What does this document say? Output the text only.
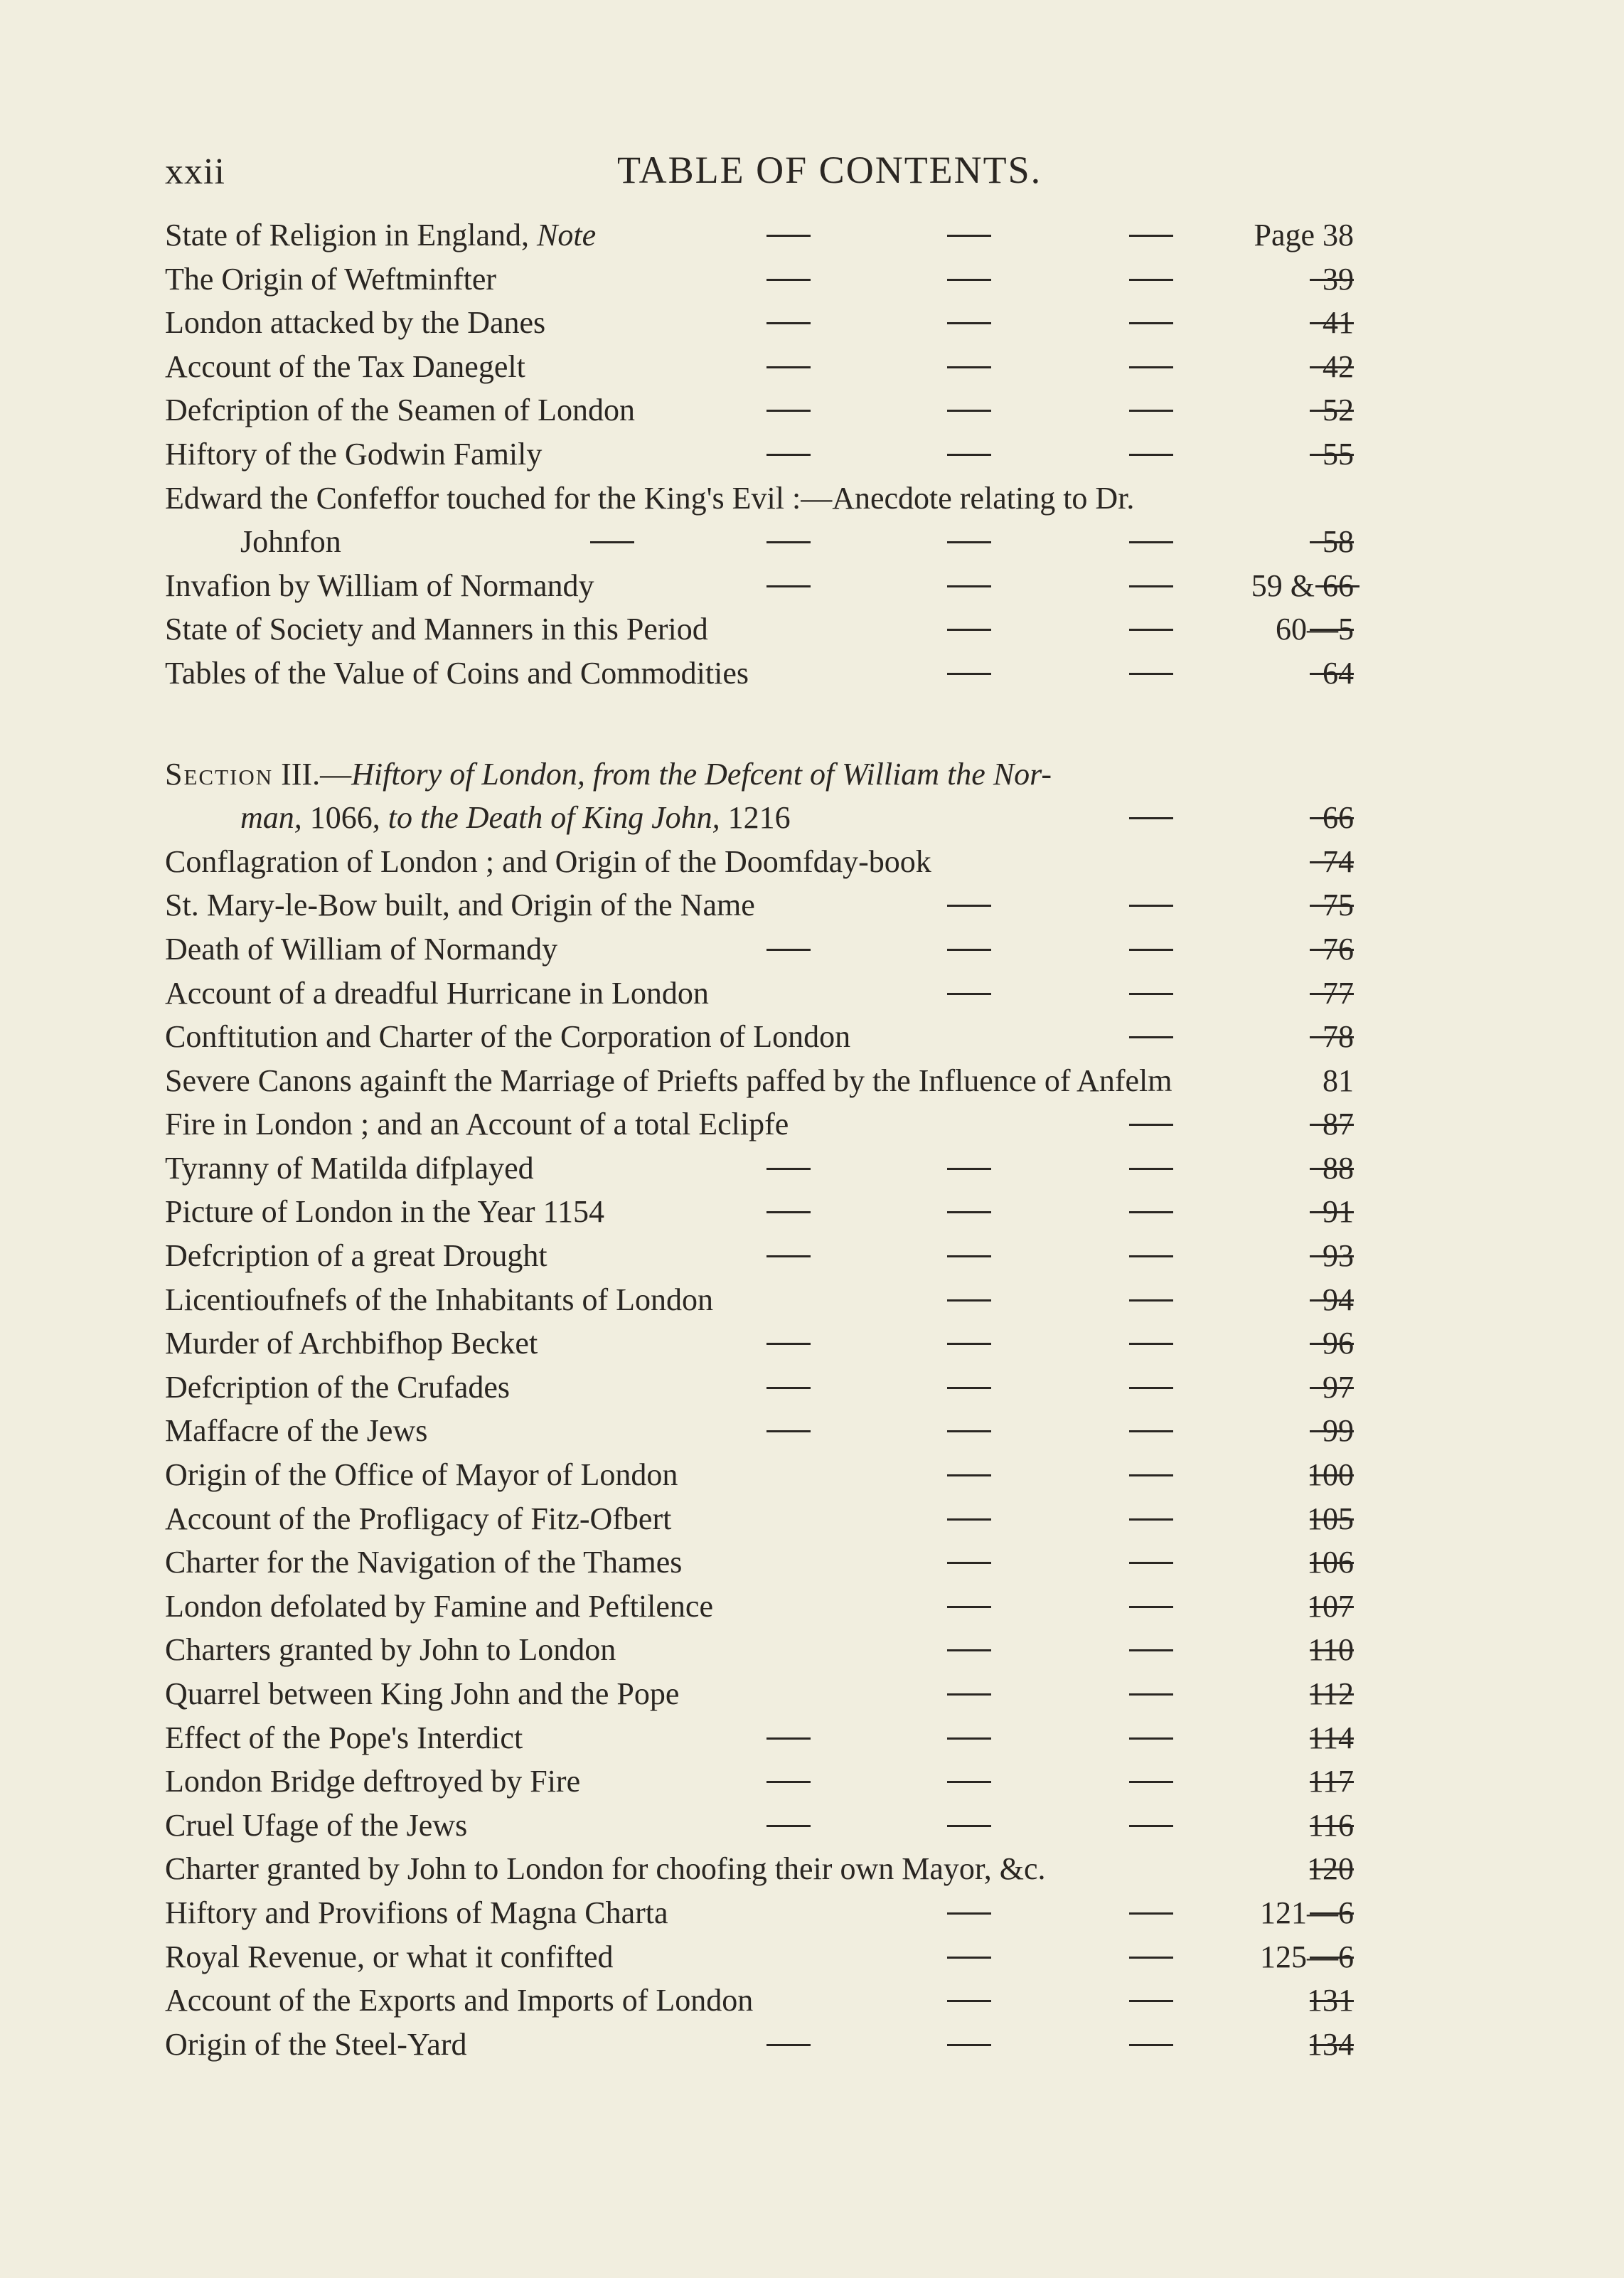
xxii	TABLE OF CONTENTS.
State of Religion in England, Note	Page 38
The Origin of Weftminfter	39
London attacked by the Danes	41
Account of the Tax Danegelt	42
Defcription of the Seamen of London	52
Hiftory of the Godwin Family	55
Edward the Confeffor touched for the King's Evil :—Anecdote relating to Dr.
Johnfon	58
Invafion by William of Normandy	59 & 66
State of Society and Manners in this Period	60—5
Tables of the Value of Coins and Commodities	64
Section III.—Hiftory of London, from the Defcent of William the Nor-
man, 1066, to the Death of King John, 1216	66
Conflagration of London ; and Origin of the Doomfday-book	74
St. Mary-le-Bow built, and Origin of the Name	75
Death of William of Normandy	76
Account of a dreadful Hurricane in London	77
Conftitution and Charter of the Corporation of London	78
Severe Canons againft the Marriage of Priefts paffed by the Influence of Anfelm	81
Fire in London ; and an Account of a total Eclipfe	87
Tyranny of Matilda difplayed	88
Picture of London in the Year 1154	91
Defcription of a great Drought	93
Licentioufnefs of the Inhabitants of London	94
Murder of Archbifhop Becket	96
Defcription of the Crufades	97
Maffacre of the Jews	99
Origin of the Office of Mayor of London	100
Account of the Profligacy of Fitz-Ofbert	105
Charter for the Navigation of the Thames	106
London defolated by Famine and Peftilence	107
Charters granted by John to London	110
Quarrel between King John and the Pope	112
Effect of the Pope's Interdict	114
London Bridge deftroyed by Fire	117
Cruel Ufage of the Jews	116
Charter granted by John to London for choofing their own Mayor, &c.	120
Hiftory and Provifions of Magna Charta	121—6
Royal Revenue, or what it confifted	125—6
Account of the Exports and Imports of London	131
Origin of the Steel-Yard	134
